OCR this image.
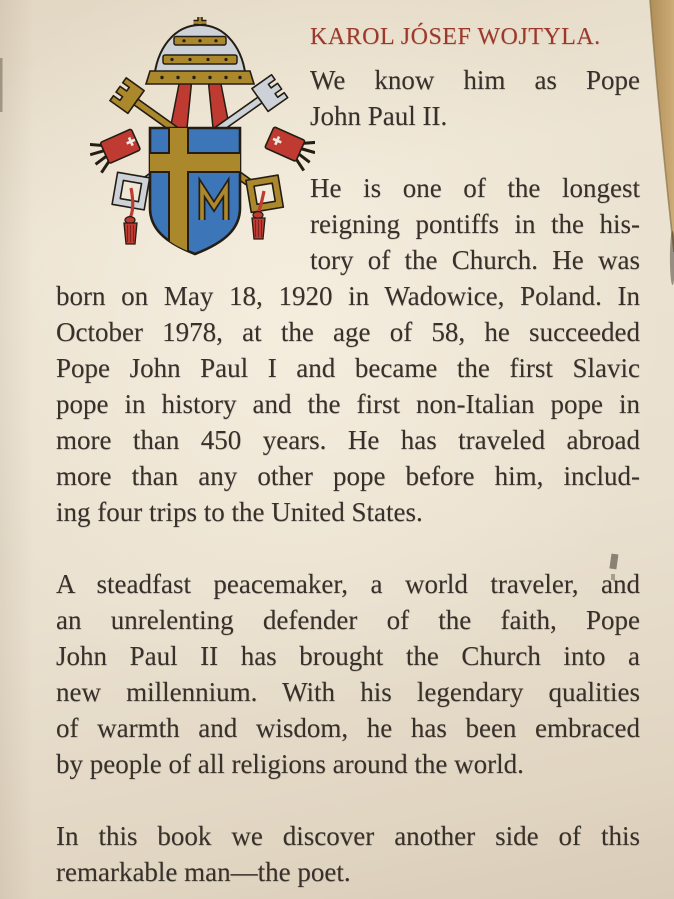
KAROL JÓSEF WOJTYLA.
We know him as Pope
John Paul II.
He is one of the longest
reigning pontiffs in the his-
tory of the Church. He was
born on May 18, 1920 in Wadowice, Poland. In
October 1978, at the age of 58, he succeeded
Pope John Paul I and became the first Slavic
pope in history and the first non-Italian pope in
more than 450 years. He has traveled abroad
more than any other pope before him, includ-
ing four trips to the United States.
A steadfast peacemaker, a world traveler, and
an unrelenting defender of the faith, Pope
John Paul II has brought the Church into a
new millennium. With his legendary qualities
of warmth and wisdom, he has been embraced
by people of all religions around the world.
In this book we discover another side of this
remarkable man—the poet.
